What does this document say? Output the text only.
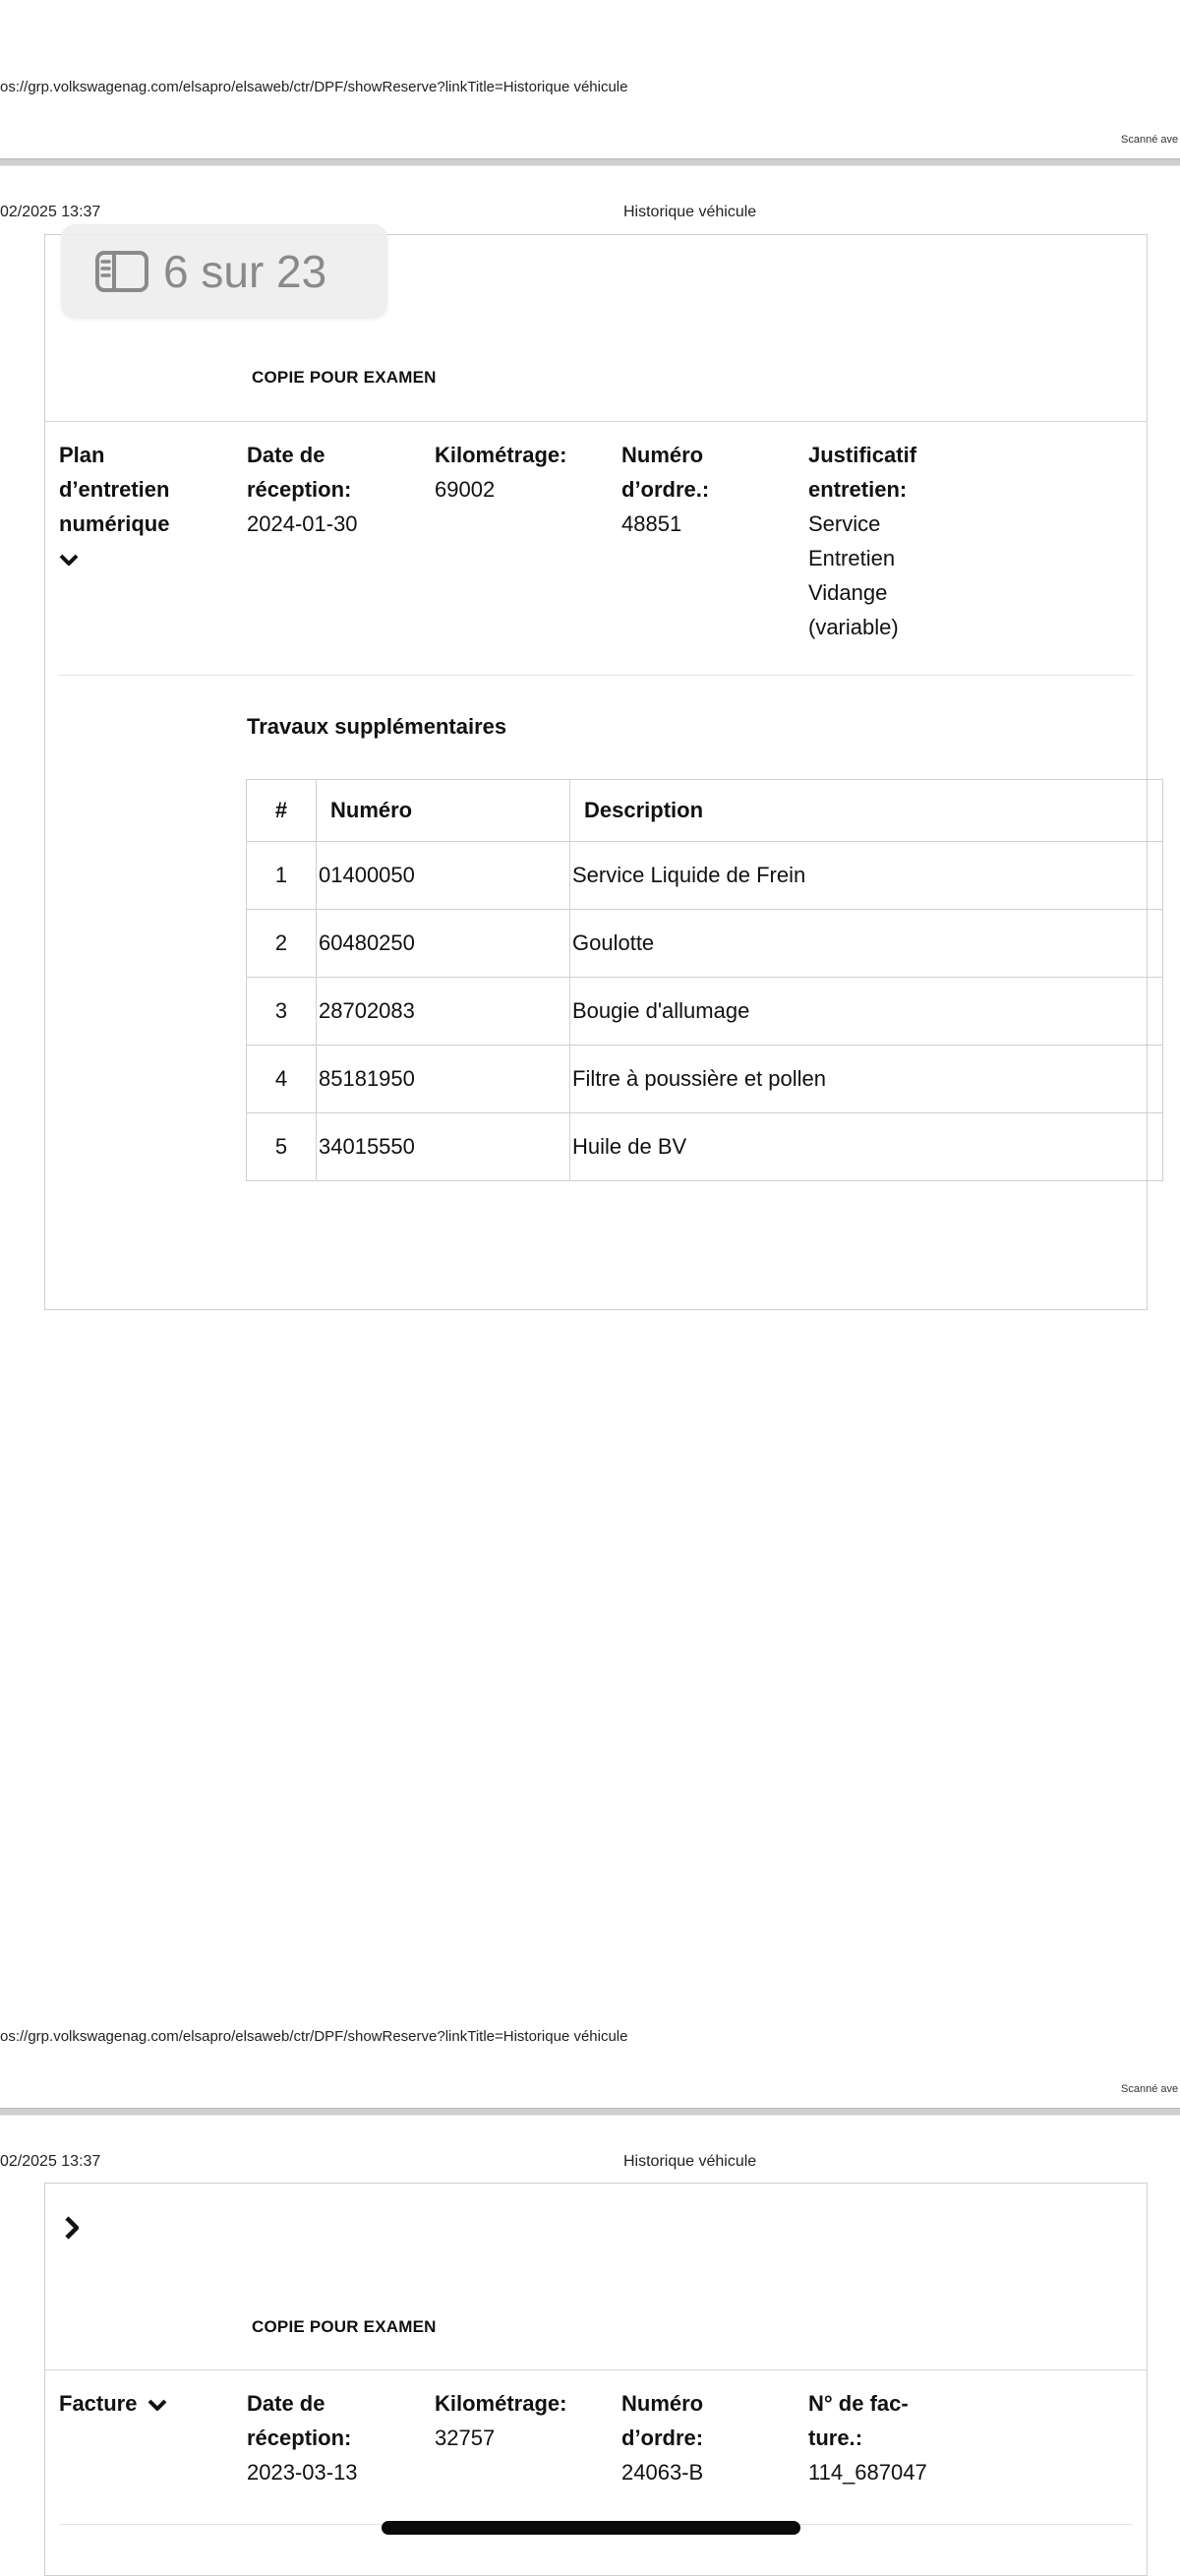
os://grp.volkswagenag.com/elsapro/elsaweb/ctr/DPF/showReserve?linkTitle=Historique véhicule
Scanné ave
02/2025 13:37	Historique véhicule
COPIE POUR EXAMEN
Plan d’entretien numérique
Date de réception:
2024-01-30
Kilométrage:
69002
Numéro d’ordre.:
48851
Justificatif entretien:
Service Entretien Vidange (variable)
Travaux supplémentaires
#	Numéro	Description
1	01400050	Service Liquide de Frein
2	60480250	Goulotte
3	28702083	Bougie d'allumage
4	85181950	Filtre à poussière et pollen
5	34015550	Huile de BV
6 sur 23
os://grp.volkswagenag.com/elsapro/elsaweb/ctr/DPF/showReserve?linkTitle=Historique véhicule
Scanné ave
02/2025 13:37	Historique véhicule
COPIE POUR EXAMEN
Facture	Date de réception:
2023-03-13
Kilométrage:
32757
Numéro d’ordre:
24063-B
N° de fac-
ture.:
114_687047
